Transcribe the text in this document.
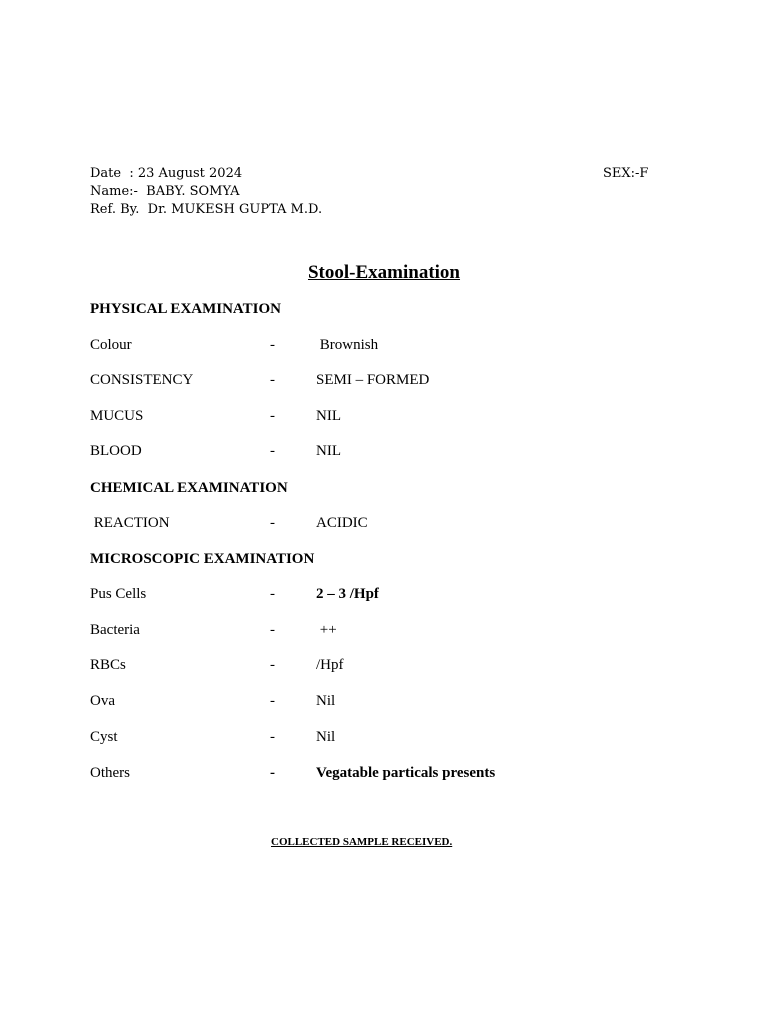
Date  : 23 August 2024
Name:-  BABY. SOMYA
Ref. By.  Dr. MUKESH GUPTA M.D.
SEX:-F
Stool-Examination
PHYSICAL EXAMINATION
Colour	-	Brownish
CONSISTENCY	-	SEMI – FORMED
MUCUS	-	NIL
BLOOD	-	NIL
CHEMICAL EXAMINATION
REACTION	-	ACIDIC
MICROSCOPIC EXAMINATION
Pus Cells	-	2 – 3 /Hpf
Bacteria	-	++
RBCs	-	/Hpf
Ova	-	Nil
Cyst	-	Nil
Others	-	Vegatable particals presents
COLLECTED SAMPLE RECEIVED.
